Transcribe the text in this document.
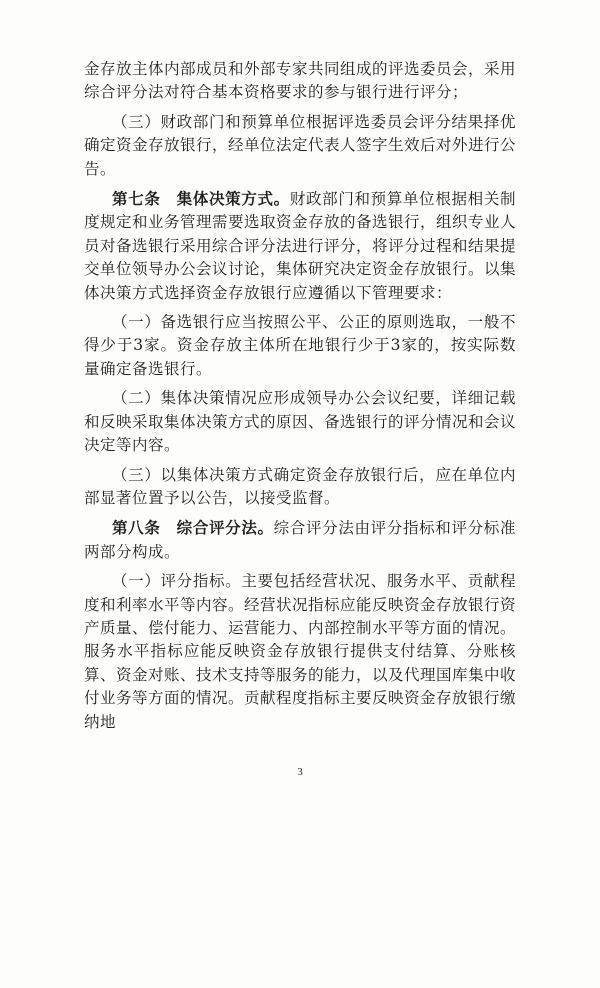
金存放主体内部成员和外部专家共同组成的评选委员会，采用综合评分法对符合基本资格要求的参与银行进行评分；

（三）财政部门和预算单位根据评选委员会评分结果择优确定资金存放银行，经单位法定代表人签字生效后对外进行公告。

第七条　集体决策方式。财政部门和预算单位根据相关制度规定和业务管理需要选取资金存放的备选银行，组织专业人员对备选银行采用综合评分法进行评分，将评分过程和结果提交单位领导办公会议讨论，集体研究决定资金存放银行。以集体决策方式选择资金存放银行应遵循以下管理要求：

（一）备选银行应当按照公平、公正的原则选取，一般不得少于3家。资金存放主体所在地银行少于3家的，按实际数量确定备选银行。

（二）集体决策情况应形成领导办公会议纪要，详细记载和反映采取集体决策方式的原因、备选银行的评分情况和会议决定等内容。

（三）以集体决策方式确定资金存放银行后，应在单位内部显著位置予以公告，以接受监督。

第八条　综合评分法。综合评分法由评分指标和评分标准两部分构成。

（一）评分指标。主要包括经营状况、服务水平、贡献程度和利率水平等内容。经营状况指标应能反映资金存放银行资产质量、偿付能力、运营能力、内部控制水平等方面的情况。服务水平指标应能反映资金存放银行提供支付结算、分账核算、资金对账、技术支持等服务的能力，以及代理国库集中收付业务等方面的情况。贡献程度指标主要反映资金存放银行缴纳地

3
